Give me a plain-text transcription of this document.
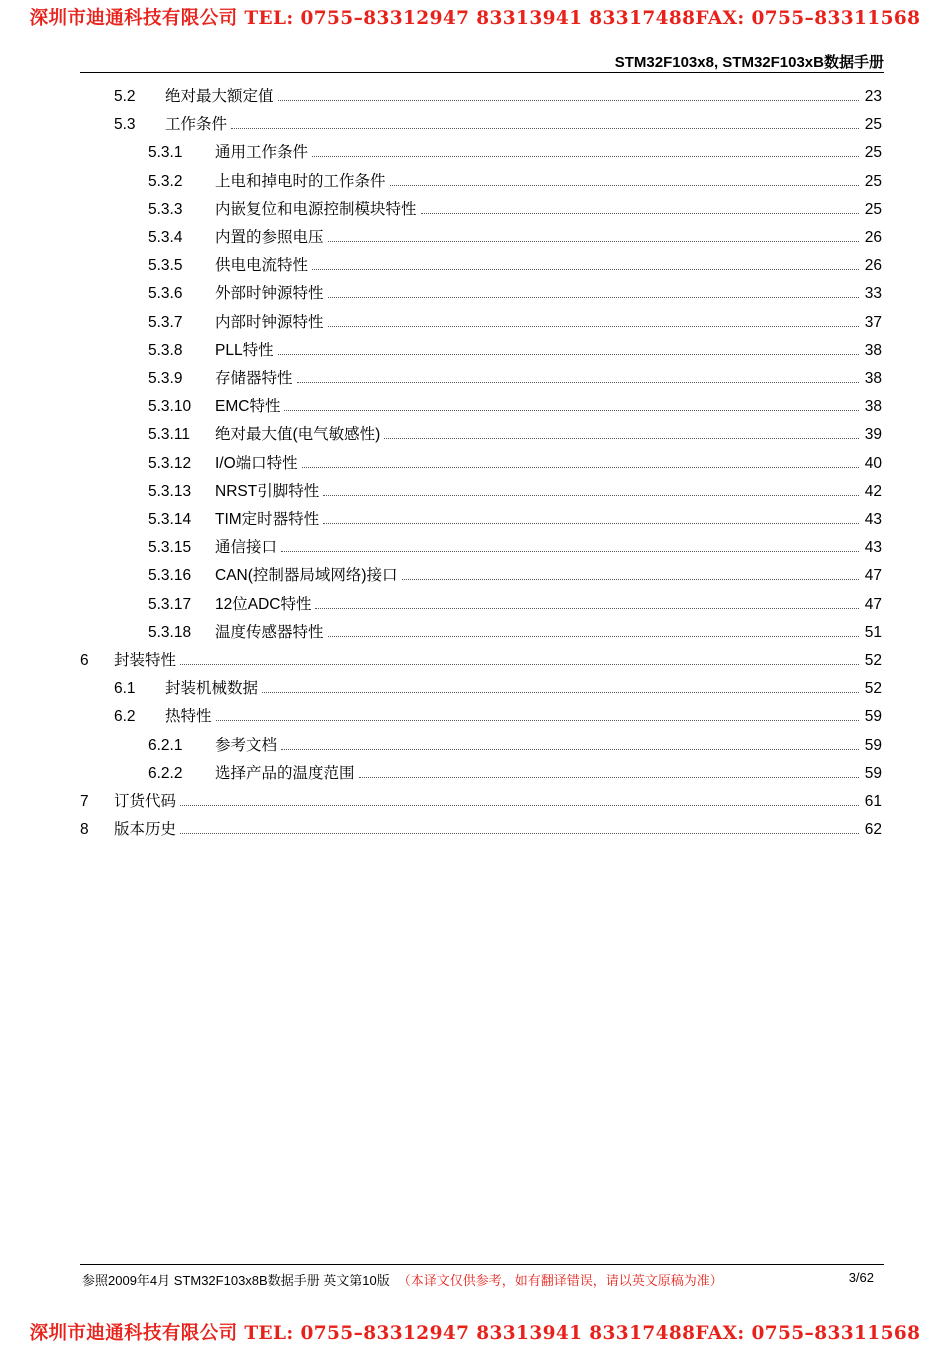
深圳市迪通科技有限公司 TEL: 0755–83312947 83313941 83317488FAX: 0755–83311568
STM32F103x8, STM32F103xB数据手册
5.2	绝对最大额定值	23
5.3	工作条件	25
5.3.1	通用工作条件	25
5.3.2	上电和掉电时的工作条件	25
5.3.3	内嵌复位和电源控制模块特性	25
5.3.4	内置的参照电压	26
5.3.5	供电电流特性	26
5.3.6	外部时钟源特性	33
5.3.7	内部时钟源特性	37
5.3.8	PLL特性	38
5.3.9	存储器特性	38
5.3.10	EMC特性	38
5.3.11	绝对最大值(电气敏感性)	39
5.3.12	I/O端口特性	40
5.3.13	NRST引脚特性	42
5.3.14	TIM定时器特性	43
5.3.15	通信接口	43
5.3.16	CAN(控制器局域网络)接口	47
5.3.17	12位ADC特性	47
5.3.18	温度传感器特性	51
6	封装特性	52
6.1	封装机械数据	52
6.2	热特性	59
6.2.1	参考文档	59
6.2.2	选择产品的温度范围	59
7	订货代码	61
8	版本历史	62
参照2009年4月 STM32F103x8B数据手册 英文第10版 （本译文仅供参考，如有翻译错误，请以英文原稿为准）	3/62
深圳市迪通科技有限公司 TEL: 0755–83312947 83313941 83317488FAX: 0755–83311568
